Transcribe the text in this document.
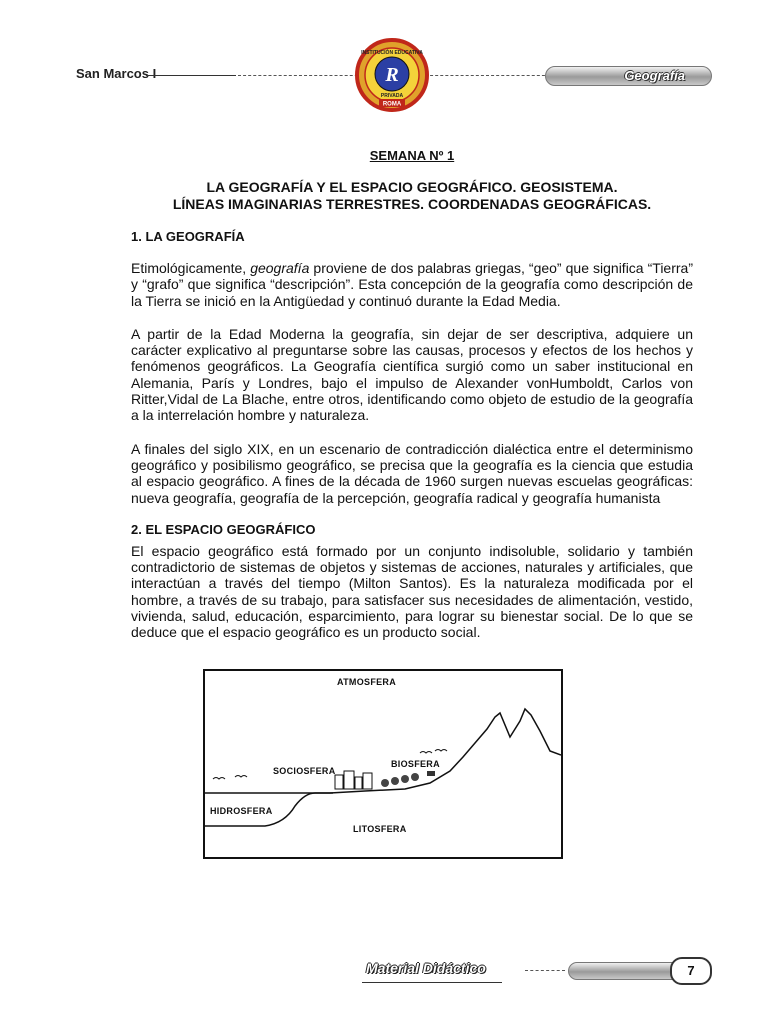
San Marcos I	R
INSTITUCIÓN EDUCATIVA
PRIVADA
ROMA
Geografía
SEMANA Nº 1
LA GEOGRAFÍA Y EL ESPACIO GEOGRÁFICO. GEOSISTEMA.
LÍNEAS IMAGINARIAS TERRESTRES. COORDENADAS GEOGRÁFICAS.
1. LA GEOGRAFÍA

Etimológicamente, geografía proviene de dos palabras griegas, “geo” que significa “Tierra” y “grafo” que significa “descripción”. Esta concepción de la geografía como descripción de la Tierra se inició en la Antigüedad y continuó durante la Edad Media.

A partir de la Edad Moderna la geografía, sin dejar de ser descriptiva, adquiere un carácter explicativo al preguntarse sobre las causas, procesos y efectos de los hechos y fenómenos geográficos. La Geografía científica surgió como un saber institucional en Alemania, París y Londres, bajo el impulso de Alexander vonHumboldt, Carlos von Ritter,Vidal de La Blache, entre otros, identificando como objeto de estudio de la geografía a la interrelación hombre y naturaleza.

A finales del siglo XIX, en un escenario de contradicción dialéctica entre el determinismo geográfico y posibilismo geográfico, se precisa que la geografía es la ciencia que estudia al espacio geográfico. A fines de la década de 1960 surgen nuevas escuelas geográficas: nueva geografía, geografía de la percepción, geografía radical y geografía humanista

2. EL ESPACIO GEOGRÁFICO

El espacio geográfico está formado por un conjunto indisoluble, solidario y también contradictorio de sistemas de objetos y sistemas de acciones, naturales y artificiales, que interactúan a través del tiempo (Milton Santos). Es la naturaleza modificada por el hombre, a través de su trabajo, para satisfacer sus necesidades de alimentación, vestido, vivienda, salud, educación, esparcimiento, para lograr su bienestar social. De lo que se deduce que el espacio geográfico es un producto social.

ATMOSFERA
SOCIOSFERA
BIOSFERA
HIDROSFERA
LITOSFERA
Material Didáctico	7
